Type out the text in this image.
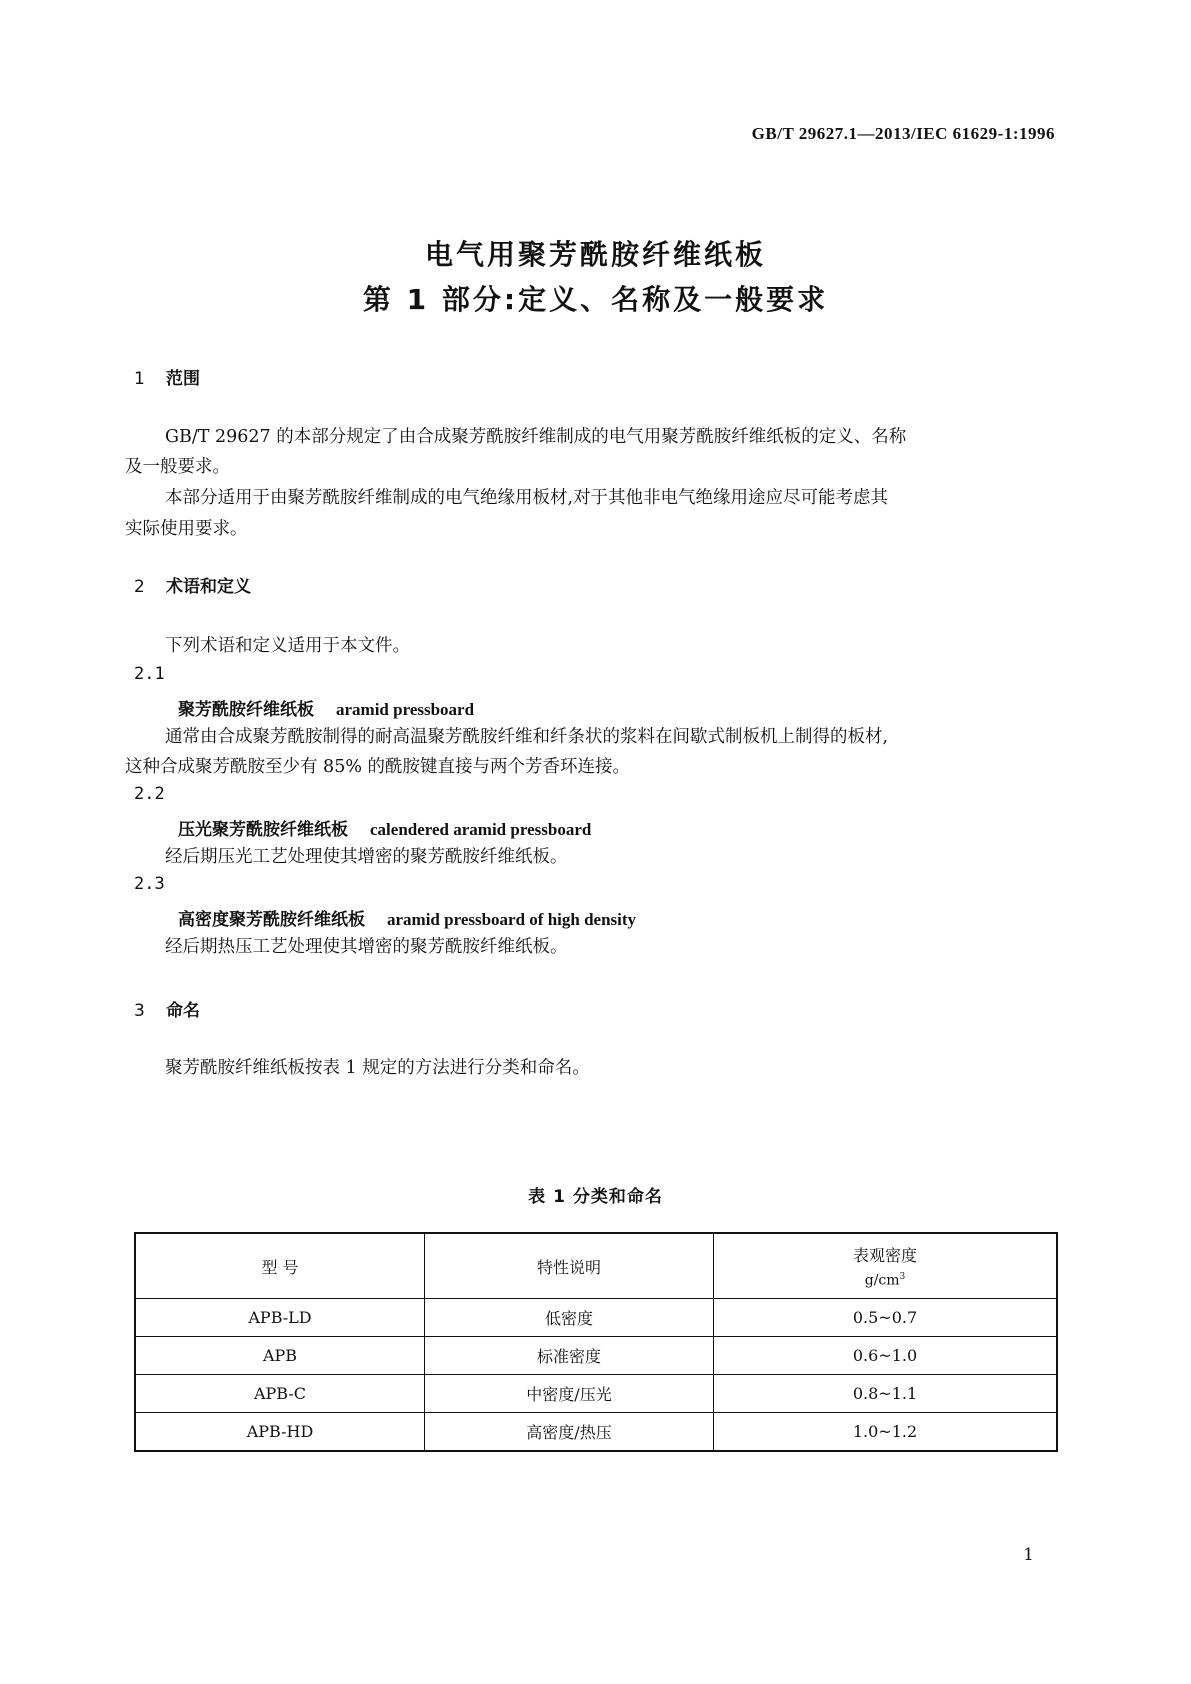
GB/T 29627.1—2013/IEC 61629-1:1996
电气用聚芳酰胺纤维纸板
第 1 部分:定义、名称及一般要求
1 范围
GB/T 29627 的本部分规定了由合成聚芳酰胺纤维制成的电气用聚芳酰胺纤维纸板的定义、名称
及一般要求。
本部分适用于由聚芳酰胺纤维制成的电气绝缘用板材,对于其他非电气绝缘用途应尽可能考虑其
实际使用要求。
2 术语和定义
下列术语和定义适用于本文件。
2.1
聚芳酰胺纤维纸板 aramid pressboard
通常由合成聚芳酰胺制得的耐高温聚芳酰胺纤维和纤条状的浆料在间歇式制板机上制得的板材,
这种合成聚芳酰胺至少有 85% 的酰胺键直接与两个芳香环连接。
2.2
压光聚芳酰胺纤维纸板 calendered aramid pressboard
经后期压光工艺处理使其增密的聚芳酰胺纤维纸板。
2.3
高密度聚芳酰胺纤维纸板 aramid pressboard of high density
经后期热压工艺处理使其增密的聚芳酰胺纤维纸板。
3 命名
聚芳酰胺纤维纸板按表 1 规定的方法进行分类和命名。
表 1 分类和命名
型 号	特性说明	表观密度
$g/cm^3$

APB-LD	低密度	0.5~0.7
APB	标准密度	0.6~1.0
APB-C	中密度/压光	0.8~1.1
APB-HD	高密度/热压	1.0~1.2
1
